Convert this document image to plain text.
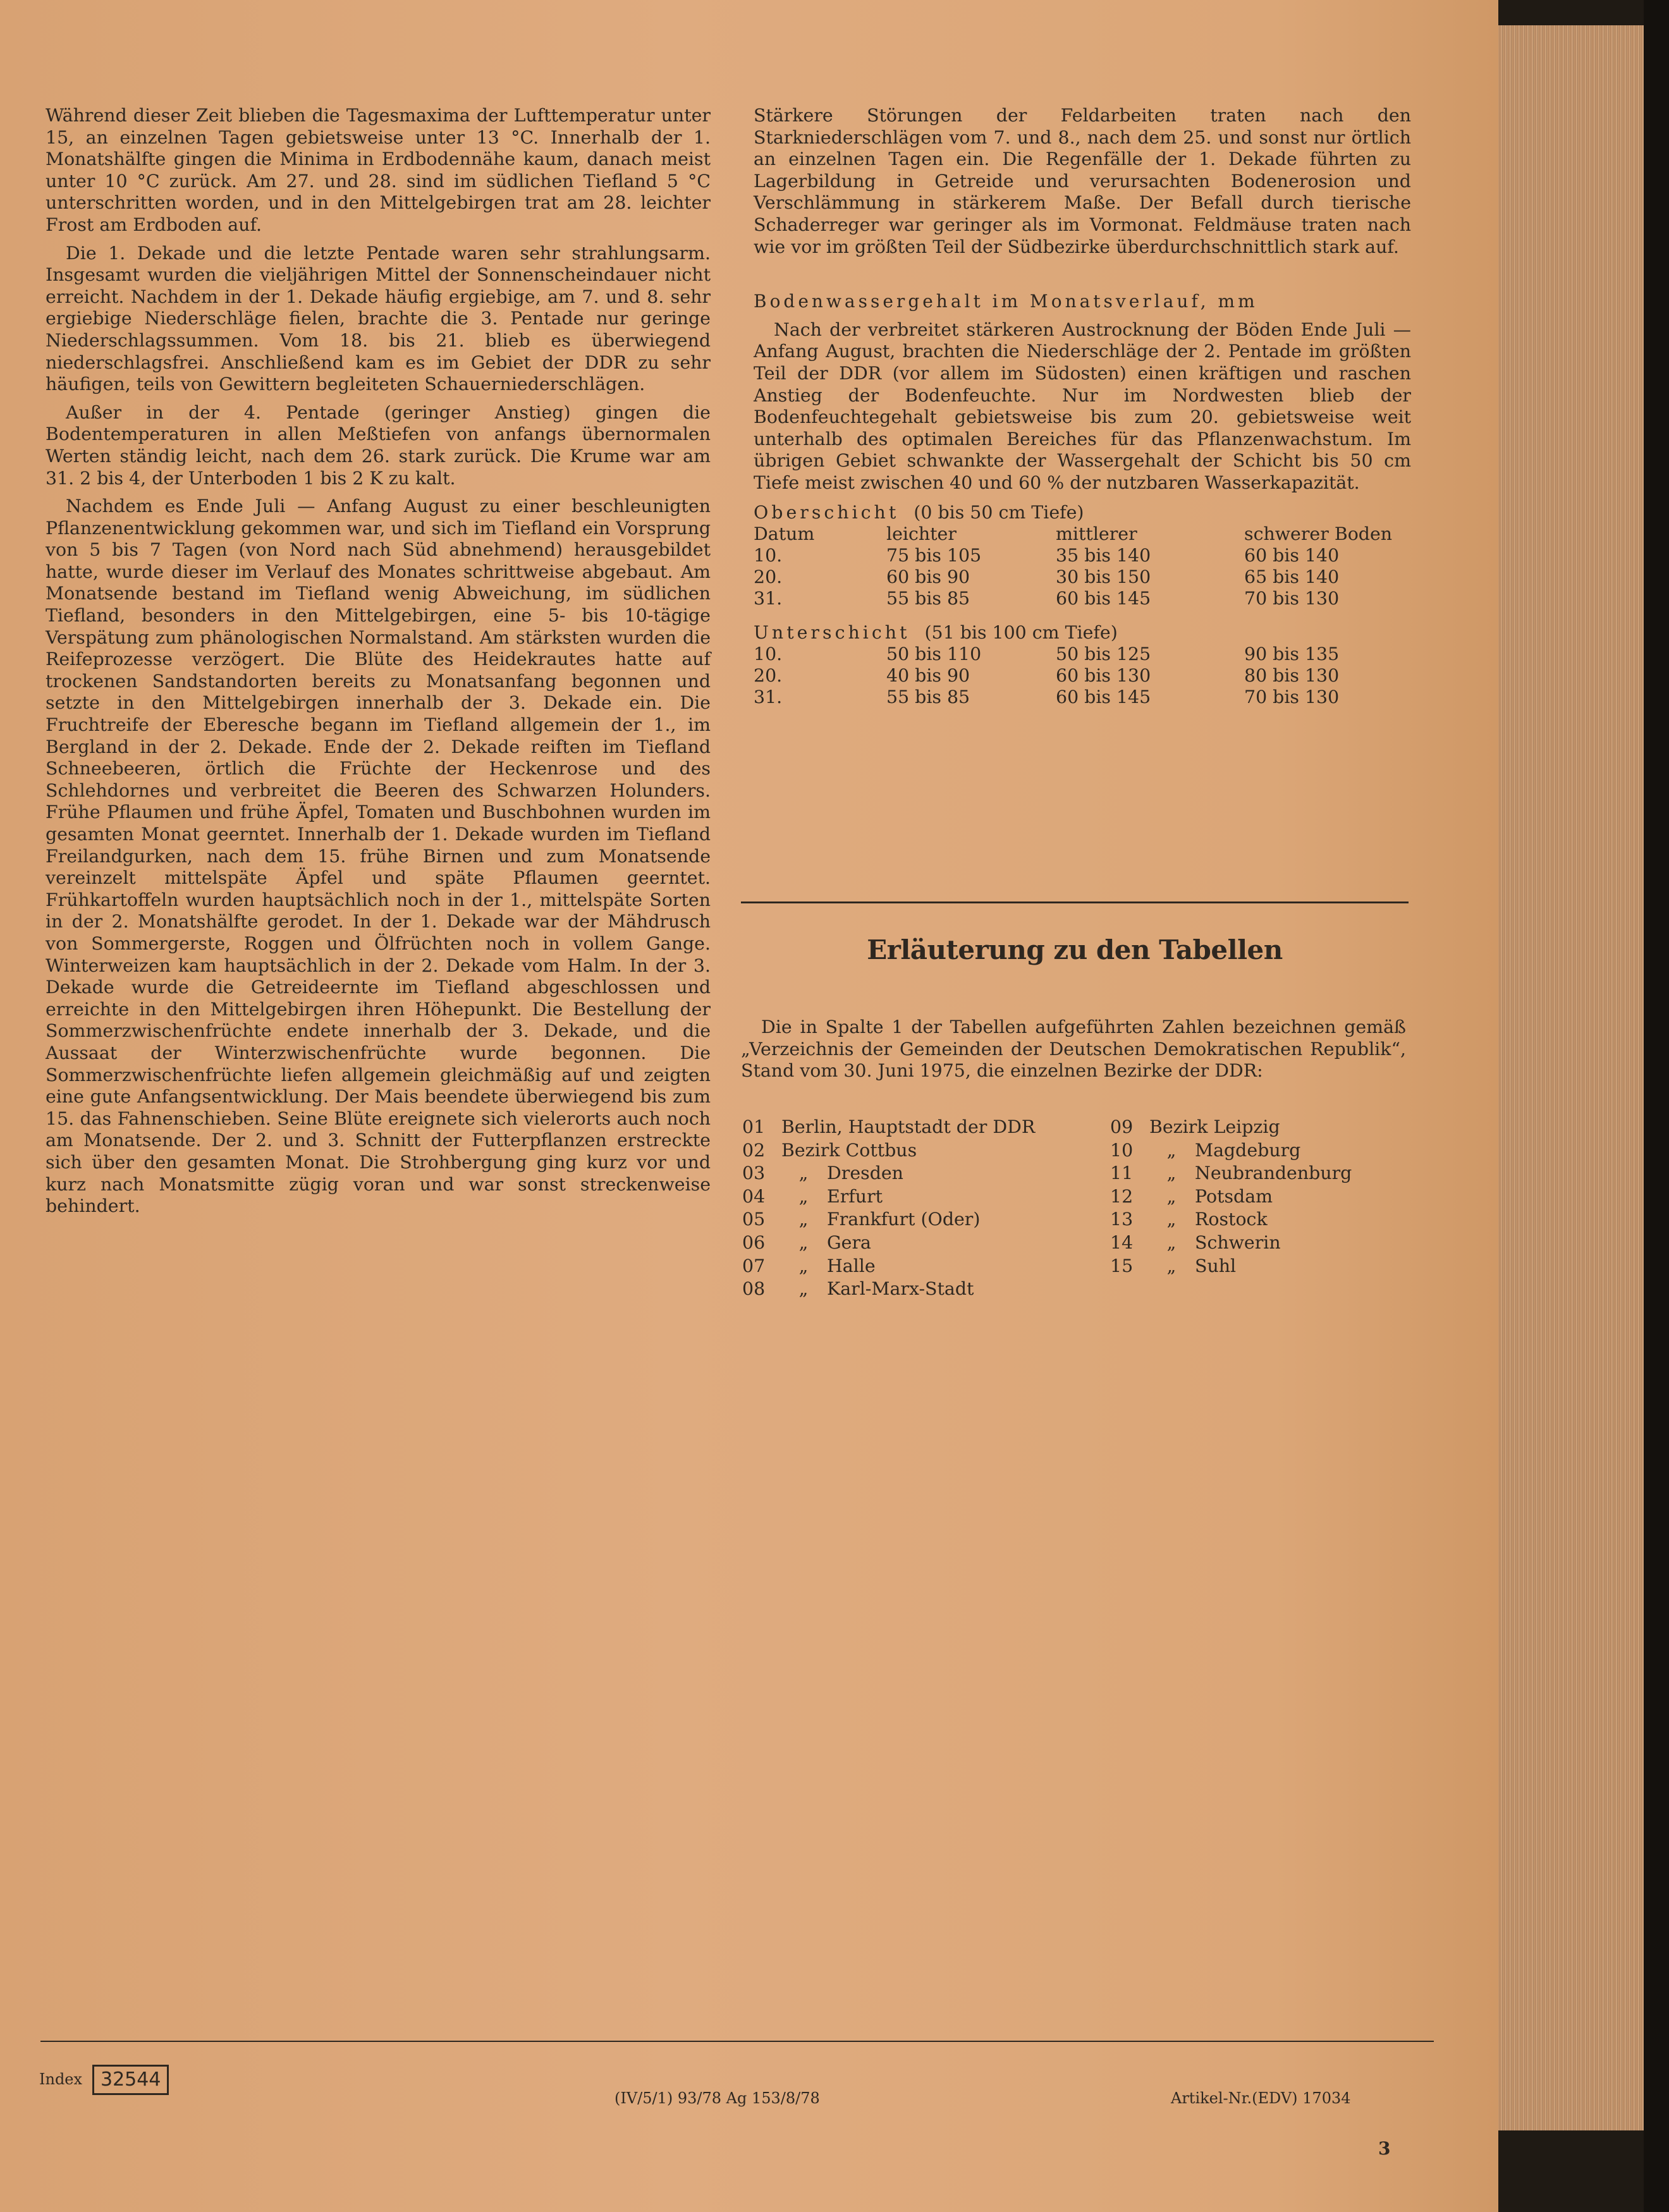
Während dieser Zeit blieben die Tagesmaxima der Lufttemperatur unter 15, an einzelnen Tagen gebietsweise unter 13 °C. Innerhalb der 1. Monatshälfte gingen die Minima in Erdbodennähe kaum, danach meist unter 10 °C zurück. Am 27. und 28. sind im südlichen Tiefland 5 °C unterschritten worden, und in den Mittelgebirgen trat am 28. leichter Frost am Erdboden auf.

Die 1. Dekade und die letzte Pentade waren sehr strahlungsarm. Insgesamt wurden die vieljährigen Mittel der Sonnenscheindauer nicht erreicht. Nachdem in der 1. Dekade häufig ergiebige, am 7. und 8. sehr ergiebige Niederschläge fielen, brachte die 3. Pentade nur geringe Niederschlagssummen. Vom 18. bis 21. blieb es überwiegend niederschlagsfrei. Anschließend kam es im Gebiet der DDR zu sehr häufigen, teils von Gewittern begleiteten Schauerniederschlägen.

Außer in der 4. Pentade (geringer Anstieg) gingen die Bodentemperaturen in allen Meßtiefen von anfangs übernormalen Werten ständig leicht, nach dem 26. stark zurück. Die Krume war am 31. 2 bis 4, der Unterboden 1 bis 2 K zu kalt.

Nachdem es Ende Juli — Anfang August zu einer beschleunigten Pflanzenentwicklung gekommen war, und sich im Tiefland ein Vorsprung von 5 bis 7 Tagen (von Nord nach Süd abnehmend) herausgebildet hatte, wurde dieser im Verlauf des Monates schrittweise abgebaut. Am Monatsende bestand im Tiefland wenig Abweichung, im südlichen Tiefland, besonders in den Mittelgebirgen, eine 5- bis 10-tägige Verspätung zum phänologischen Normalstand. Am stärksten wurden die Reifeprozesse verzögert. Die Blüte des Heidekrautes hatte auf trockenen Sandstandorten bereits zu Monatsanfang begonnen und setzte in den Mittelgebirgen innerhalb der 3. Dekade ein. Die Fruchtreife der Eberesche begann im Tiefland allgemein der 1., im Bergland in der 2. Dekade. Ende der 2. Dekade reiften im Tiefland Schneebeeren, örtlich die Früchte der Heckenrose und des Schlehdornes und verbreitet die Beeren des Schwarzen Holunders. Frühe Pflaumen und frühe Äpfel, Tomaten und Buschbohnen wurden im gesamten Monat geerntet. Innerhalb der 1. Dekade wurden im Tiefland Freilandgurken, nach dem 15. frühe Birnen und zum Monatsende vereinzelt mittelspäte Äpfel und späte Pflaumen geerntet. Frühkartoffeln wurden hauptsächlich noch in der 1., mittelspäte Sorten in der 2. Monatshälfte gerodet. In der 1. Dekade war der Mähdrusch von Sommergerste, Roggen und Ölfrüchten noch in vollem Gange. Winterweizen kam hauptsächlich in der 2. Dekade vom Halm. In der 3. Dekade wurde die Getreideernte im Tiefland abgeschlossen und erreichte in den Mittelgebirgen ihren Höhepunkt. Die Bestellung der Sommerzwischenfrüchte endete innerhalb der 3. Dekade, und die Aussaat der Winterzwischenfrüchte wurde begonnen. Die Sommerzwischenfrüchte liefen allgemein gleichmäßig auf und zeigten eine gute Anfangsentwicklung. Der Mais beendete überwiegend bis zum 15. das Fahnenschieben. Seine Blüte ereignete sich vielerorts auch noch am Monatsende. Der 2. und 3. Schnitt der Futterpflanzen erstreckte sich über den gesamten Monat. Die Strohbergung ging kurz vor und kurz nach Monatsmitte zügig voran und war sonst streckenweise behindert.

Stärkere Störungen der Feldarbeiten traten nach den Starkniederschlägen vom 7. und 8., nach dem 25. und sonst nur örtlich an einzelnen Tagen ein. Die Regenfälle der 1. Dekade führten zu Lagerbildung in Getreide und verursachten Bodenerosion und Verschlämmung in stärkerem Maße. Der Befall durch tierische Schaderreger war geringer als im Vormonat. Feldmäuse traten nach wie vor im größten Teil der Südbezirke überdurchschnittlich stark auf.

Bodenwassergehalt im Monatsverlauf, mm

Nach der verbreitet stärkeren Austrocknung der Böden Ende Juli — Anfang August, brachten die Niederschläge der 2. Pentade im größten Teil der DDR (vor allem im Südosten) einen kräftigen und raschen Anstieg der Bodenfeuchte. Nur im Nordwesten blieb der Bodenfeuchtegehalt gebietsweise bis zum 20. gebietsweise weit unterhalb des optimalen Bereiches für das Pflanzenwachstum. Im übrigen Gebiet schwankte der Wassergehalt der Schicht bis 50 cm Tiefe meist zwischen 40 und 60 % der nutzbaren Wasserkapazität.

Oberschicht (0 bis 50 cm Tiefe)			
Datum	leichter	mittlerer	schwerer Boden
10.	75 bis 105	35 bis 140	60 bis 140
20.	60 bis 90	30 bis 150	65 bis 140
31.	55 bis 85	60 bis 145	70 bis 130

Unterschicht (51 bis 100 cm Tiefe)			
10.	50 bis 110	50 bis 125	90 bis 135
20.	40 bis 90	60 bis 130	80 bis 130
31.	55 bis 85	60 bis 145	70 bis 130
Erläuterung zu den Tabellen

Die in Spalte 1 der Tabellen aufgeführten Zahlen bezeichnen gemäß „Verzeichnis der Gemeinden der Deutschen Demokratischen Republik“, Stand vom 30. Juni 1975, die einzelnen Bezirke der DDR:

01	Berlin, Hauptstadt der DDR	
02	Bezirk Cottbus	
03	„	Dresden
04	„	Erfurt
05	„	Frankfurt (Oder)
06	„	Gera
07	„	Halle
08	„	Karl-Marx-Stadt
09	Bezirk Leipzig	
10	„	Magdeburg
11	„	Neubrandenburg
12	„	Potsdam
13	„	Rostock
14	„	Schwerin
15	„	Suhl
Index 32544
(IV/5/1) 93/78 Ag 153/8/78	Artikel-Nr.(EDV) 17034
3
